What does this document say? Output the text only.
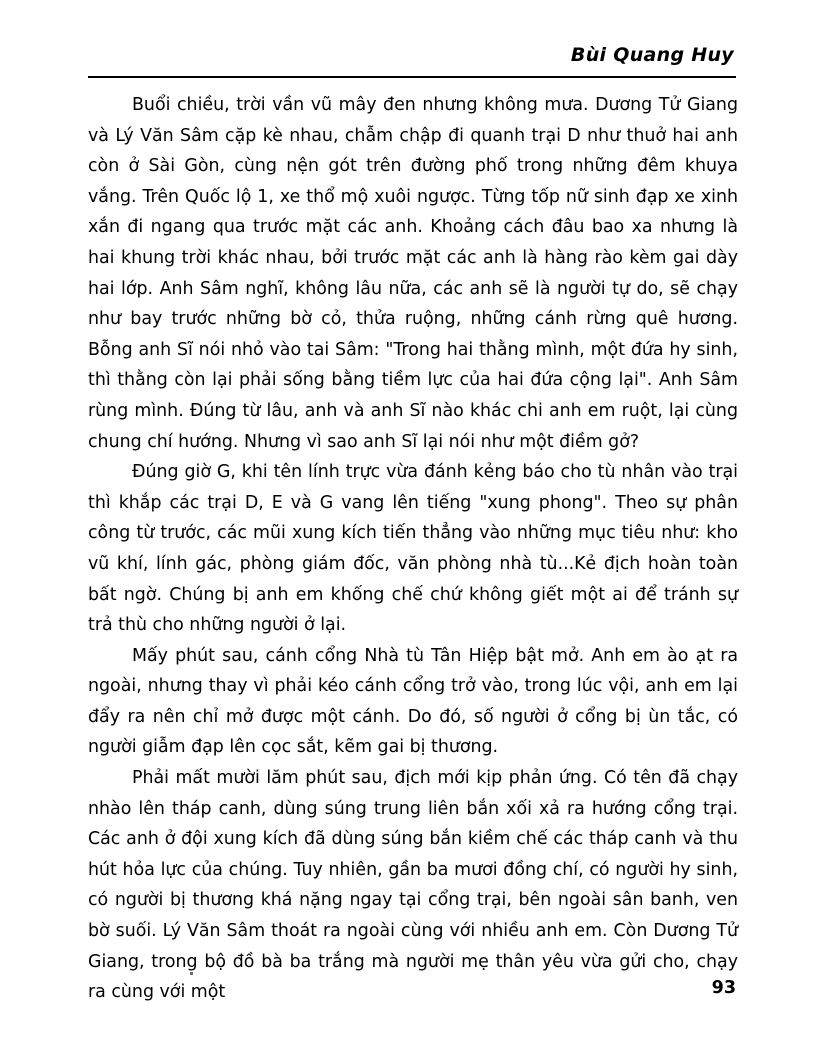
Bùi Quang Huy

Buổi chiều, trời vần vũ mây đen nhưng không mưa. Dương Tử Giang và Lý Văn Sâm cặp kè nhau, chẫm chập đi quanh trại D như thuở hai anh còn ở Sài Gòn, cùng nện gót trên đường phố trong những đêm khuya vắng. Trên Quốc lộ 1, xe thổ mộ xuôi ngược. Từng tốp nữ sinh đạp xe xinh xắn đi ngang qua trước mặt các anh. Khoảng cách đâu bao xa nhưng là hai khung trời khác nhau, bởi trước mặt các anh là hàng rào kèm gai dày hai lớp. Anh Sâm nghĩ, không lâu nữa, các anh sẽ là người tự do, sẽ chạy như bay trước những bờ cỏ, thửa ruộng, những cánh rừng quê hương. Bỗng anh Sĩ nói nhỏ vào tai Sâm: "Trong hai thằng mình, một đứa hy sinh, thì thằng còn lại phải sống bằng tiềm lực của hai đứa cộng lại". Anh Sâm rùng mình. Đúng từ lâu, anh và anh Sĩ nào khác chi anh em ruột, lại cùng chung chí hướng. Nhưng vì sao anh Sĩ lại nói như một điềm gở?

Đúng giờ G, khi tên lính trực vừa đánh kẻng báo cho tù nhân vào trại thì khắp các trại D, E và G vang lên tiếng "xung phong". Theo sự phân công từ trước, các mũi xung kích tiến thẳng vào những mục tiêu như: kho vũ khí, lính gác, phòng giám đốc, văn phòng nhà tù...Kẻ địch hoàn toàn bất ngờ. Chúng bị anh em khống chế chứ không giết một ai để tránh sự trả thù cho những người ở lại.

Mấy phút sau, cánh cổng Nhà tù Tân Hiệp bật mở. Anh em ào ạt ra ngoài, nhưng thay vì phải kéo cánh cổng trở vào, trong lúc vội, anh em lại đẩy ra nên chỉ mở được một cánh. Do đó, số người ở cổng bị ùn tắc, có người giẫm đạp lên cọc sắt, kẽm gai bị thương.

Phải mất mười lăm phút sau, địch mới kịp phản ứng. Có tên đã chạy nhào lên tháp canh, dùng súng trung liên bắn xối xả ra hướng cổng trại. Các anh ở đội xung kích đã dùng súng bắn kiềm chế các tháp canh và thu hút hỏa lực của chúng. Tuy nhiên, gần ba mươi đồng chí, có người hy sinh, có người bị thương khá nặng ngay tại cổng trại, bên ngoài sân banh, ven bờ suối. Lý Văn Sâm thoát ra ngoài cùng với nhiều anh em. Còn Dương Tử Giang, trong bộ đồ bà ba trắng mà người mẹ thân yêu vừa gửi cho, chạy ra cùng với một	93
